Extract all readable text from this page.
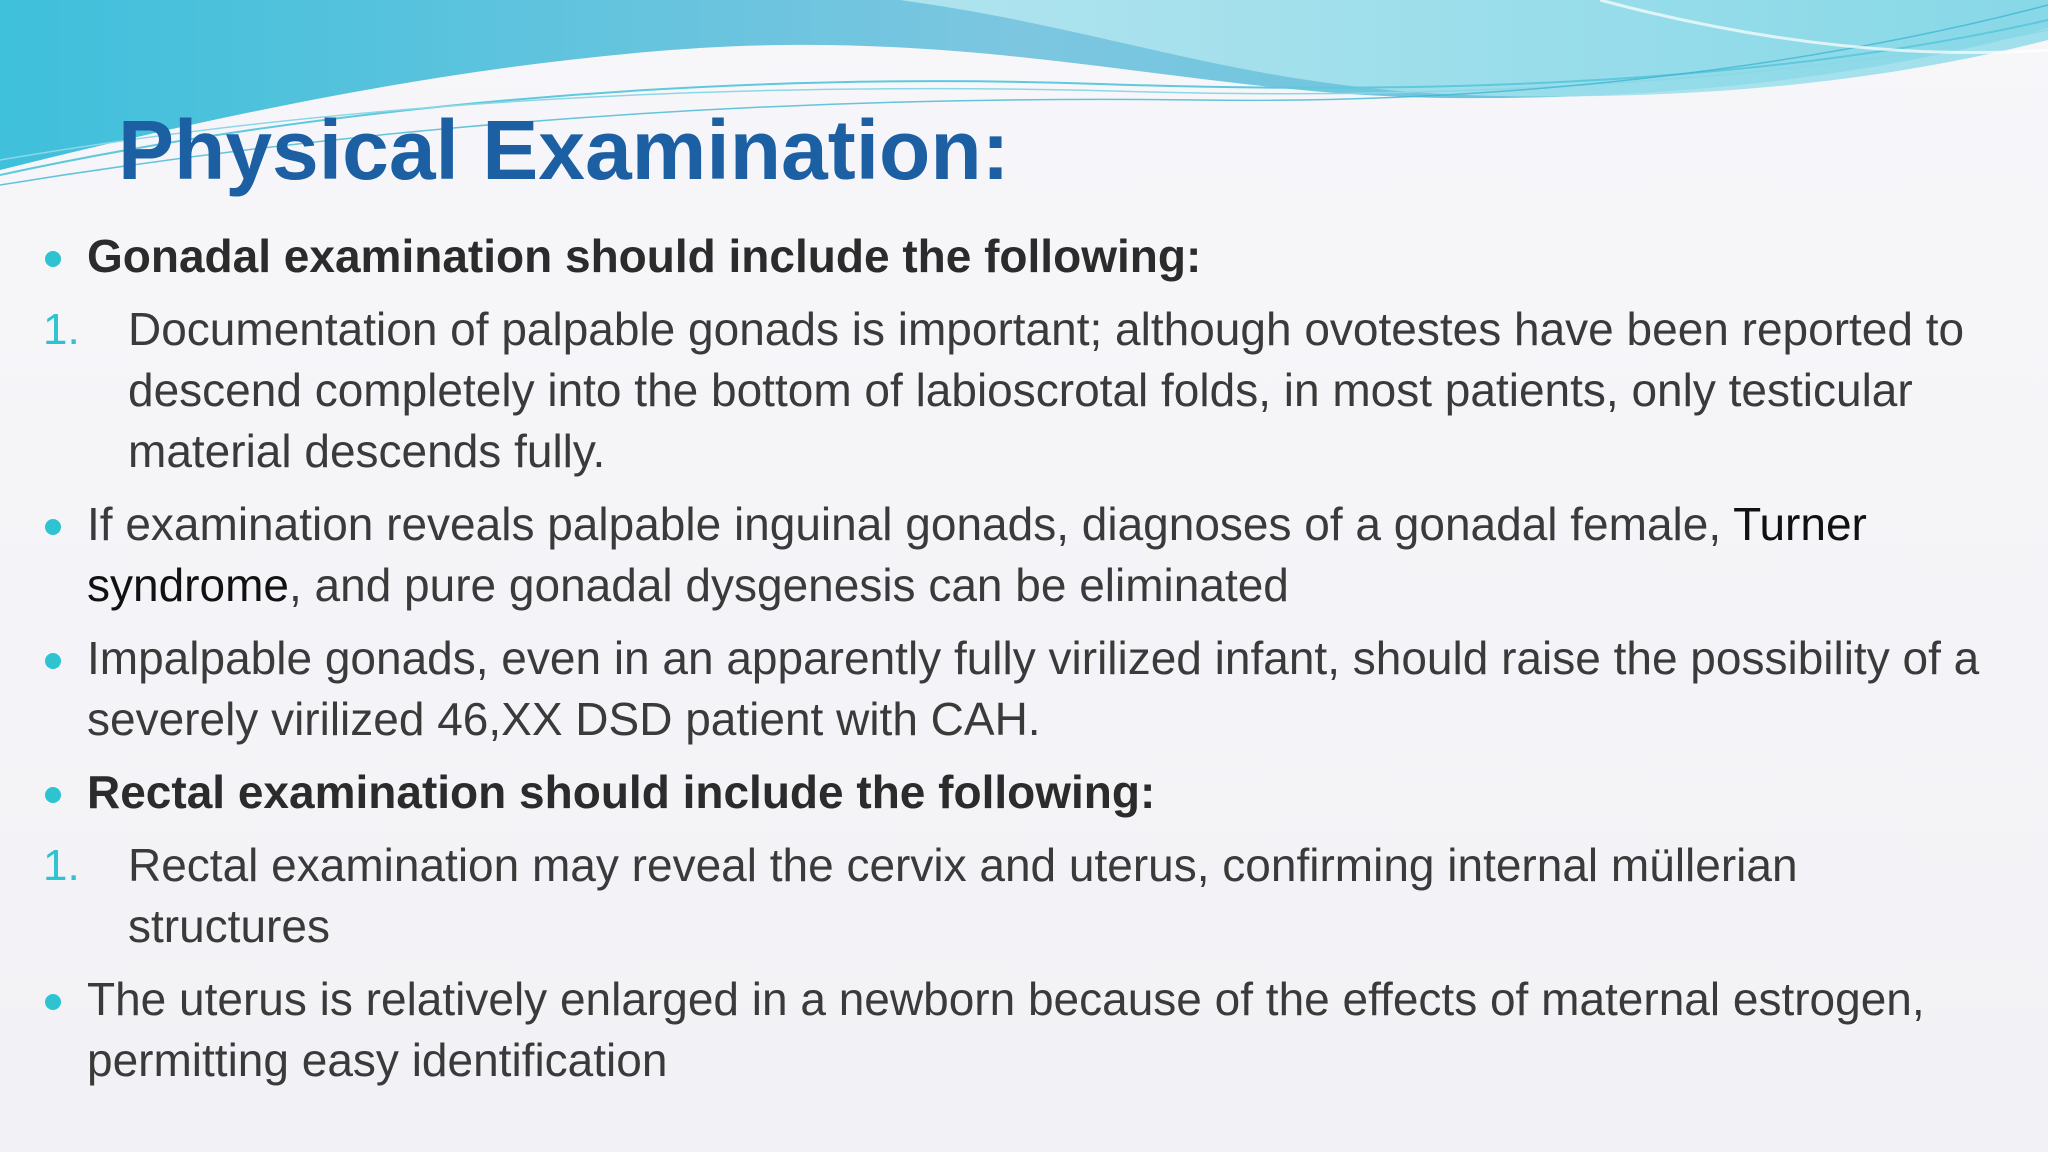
Physical Examination:
Gonadal examination should include the following:
1. Documentation of palpable gonads is important; although ovotestes have been reported to descend completely into the bottom of labioscrotal folds, in most patients, only testicular material descends fully.
If examination reveals palpable inguinal gonads, diagnoses of a gonadal female, Turner syndrome, and pure gonadal dysgenesis can be eliminated
Impalpable gonads, even in an apparently fully virilized infant, should raise the possibility of a severely virilized 46,XX DSD patient with CAH.
Rectal examination should include the following:
1. Rectal examination may reveal the cervix and uterus, confirming internal müllerian structures
The uterus is relatively enlarged in a newborn because of the effects of maternal estrogen, permitting easy identification
